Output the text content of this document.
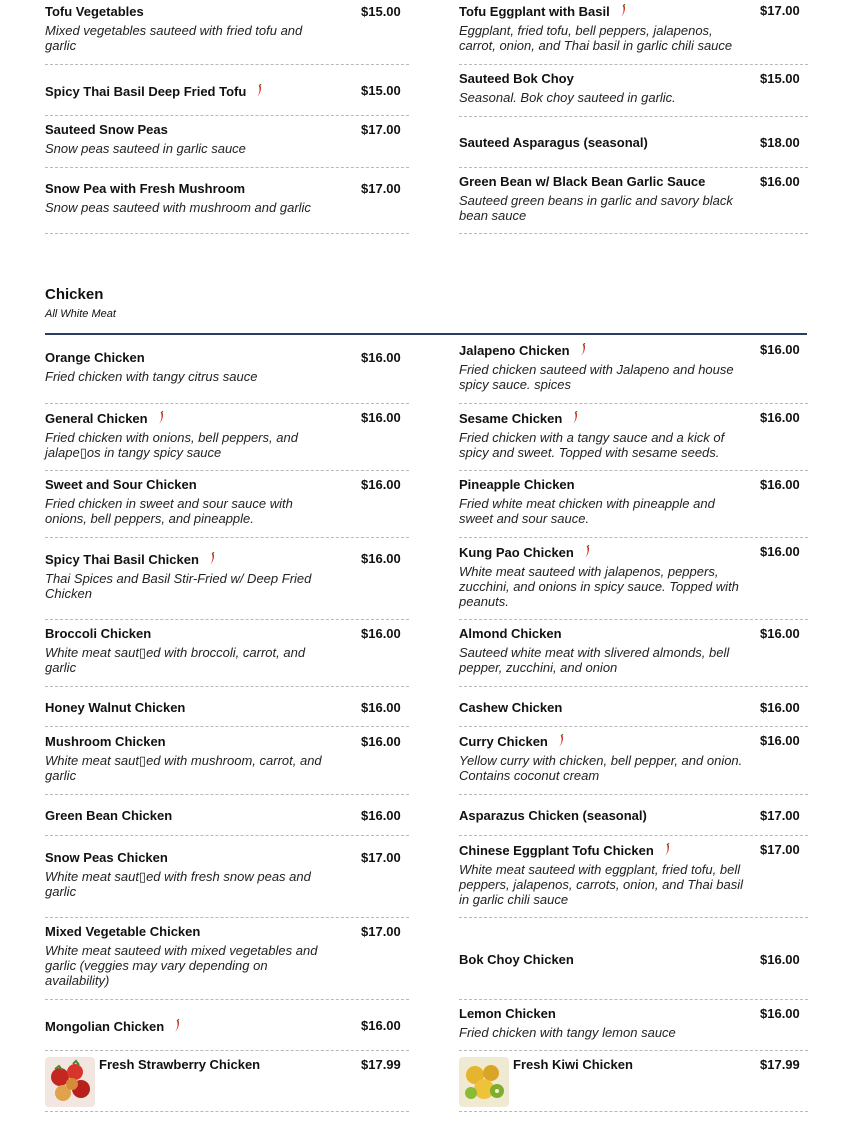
Tofu Vegetables	$15.00
Mixed vegetables sauteed with fried tofu and garlic
Spicy Thai Basil Deep Fried Tofu	$15.00
Sauteed Snow Peas	$17.00
Snow peas sauteed in garlic sauce
Snow Pea with Fresh Mushroom	$17.00
Snow peas sauteed with mushroom and garlic
Tofu Eggplant with Basil	$17.00
Eggplant, fried tofu, bell peppers, jalapenos, carrot, onion, and Thai basil in garlic chili sauce
Sauteed Bok Choy	$15.00
Seasonal. Bok choy sauteed in garlic.
Sauteed Asparagus (seasonal)	$18.00
Green Bean w/ Black Bean Garlic Sauce	$16.00
Sauteed green beans in garlic and savory black bean sauce
Chicken
All White Meat
Orange Chicken	$16.00
Fried chicken with tangy citrus sauce
General Chicken	$16.00
Fried chicken with onions, bell peppers, and jalape▯os in tangy spicy sauce
Sweet and Sour Chicken	$16.00
Fried chicken in sweet and sour sauce with onions, bell peppers, and pineapple.
Spicy Thai Basil Chicken	$16.00
Thai Spices and Basil Stir-Fried w/ Deep Fried Chicken
Broccoli Chicken	$16.00
White meat saut▯ed with broccoli, carrot, and garlic
Honey Walnut Chicken	$16.00
Mushroom Chicken	$16.00
White meat saut▯ed with mushroom, carrot, and garlic
Green Bean Chicken	$16.00
Snow Peas Chicken	$17.00
White meat saut▯ed with fresh snow peas and garlic
Mixed Vegetable Chicken	$17.00
White meat sauteed with mixed vegetables and garlic (veggies may vary depending on availability)
Mongolian Chicken	$16.00
Fresh Strawberry Chicken	$17.99
Jalapeno Chicken	$16.00
Fried chicken sauteed with Jalapeno and house spicy sauce. spices
Sesame Chicken	$16.00
Fried chicken with a tangy sauce and a kick of spicy and sweet. Topped with sesame seeds.
Pineapple Chicken	$16.00
Fried white meat chicken with pineapple and sweet and sour sauce.
Kung Pao Chicken	$16.00
White meat sauteed with jalapenos, peppers, zucchini, and onions in spicy sauce. Topped with peanuts.
Almond Chicken	$16.00
Sauteed white meat with slivered almonds, bell pepper, zucchini, and onion
Cashew Chicken	$16.00
Curry Chicken	$16.00
Yellow curry with chicken, bell pepper, and onion. Contains coconut cream
Asparazus Chicken (seasonal)	$17.00
Chinese Eggplant Tofu Chicken	$17.00
White meat sauteed with eggplant, fried tofu, bell peppers, jalapenos, carrots, onion, and Thai basil in garlic chili sauce
Bok Choy Chicken	$16.00
Lemon Chicken	$16.00
Fried chicken with tangy lemon sauce
Fresh Kiwi Chicken	$17.99
